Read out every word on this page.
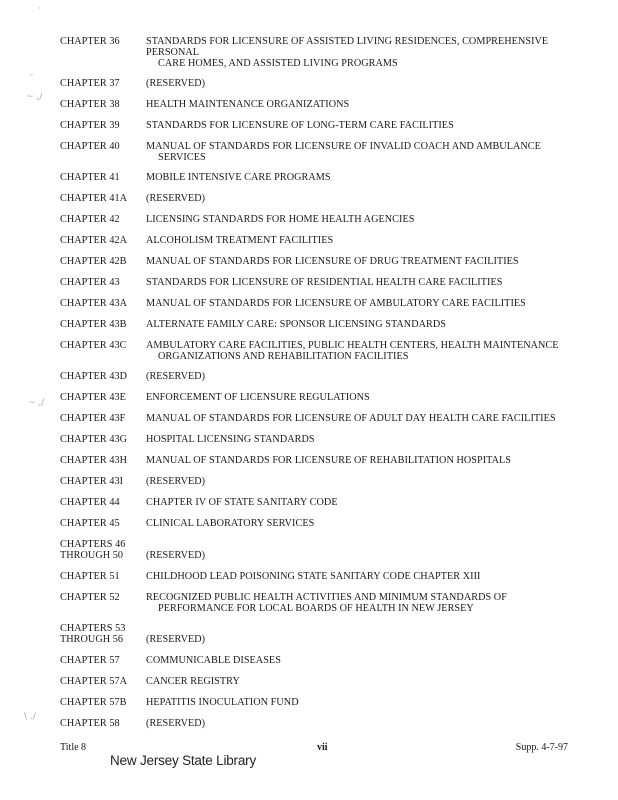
·
-
~ ‚/
~ ‚/
\ ./
CHAPTER 36	STANDARDS FOR LICENSURE OF ASSISTED LIVING RESIDENCES, COMPREHENSIVE PERSONAL
CARE HOMES, AND ASSISTED LIVING PROGRAMS
CHAPTER 37	(RESERVED)
CHAPTER 38	HEALTH MAINTENANCE ORGANIZATIONS
CHAPTER 39	STANDARDS FOR LICENSURE OF LONG-TERM CARE FACILITIES
CHAPTER 40	MANUAL OF STANDARDS FOR LICENSURE OF INVALID COACH AND AMBULANCE
SERVICES
CHAPTER 41	MOBILE INTENSIVE CARE PROGRAMS
CHAPTER 41A	(RESERVED)
CHAPTER 42	LICENSING STANDARDS FOR HOME HEALTH AGENCIES
CHAPTER 42A	ALCOHOLISM TREATMENT FACILITIES
CHAPTER 42B	MANUAL OF STANDARDS FOR LICENSURE OF DRUG TREATMENT FACILITIES
CHAPTER 43	STANDARDS FOR LICENSURE OF RESIDENTIAL HEALTH CARE FACILITIES
CHAPTER 43A	MANUAL OF STANDARDS FOR LICENSURE OF AMBULATORY CARE FACILITIES
CHAPTER 43B	ALTERNATE FAMILY CARE: SPONSOR LICENSING STANDARDS
CHAPTER 43C	AMBULATORY CARE FACILITIES, PUBLIC HEALTH CENTERS, HEALTH MAINTENANCE
ORGANIZATIONS AND REHABILITATION FACILITIES
CHAPTER 43D	(RESERVED)
CHAPTER 43E	ENFORCEMENT OF LICENSURE REGULATIONS
CHAPTER 43F	MANUAL OF STANDARDS FOR LICENSURE OF ADULT DAY HEALTH CARE FACILITIES
CHAPTER 43G	HOSPITAL LICENSING STANDARDS
CHAPTER 43H	MANUAL OF STANDARDS FOR LICENSURE OF REHABILITATION HOSPITALS
CHAPTER 43I	(RESERVED)
CHAPTER 44	CHAPTER IV OF STATE SANITARY CODE
CHAPTER 45	CLINICAL LABORATORY SERVICES
CHAPTERS 46
THROUGH 50	(RESERVED)
CHAPTER 51	CHILDHOOD LEAD POISONING STATE SANITARY CODE CHAPTER XIII
CHAPTER 52	RECOGNIZED PUBLIC HEALTH ACTIVITIES AND MINIMUM STANDARDS OF
PERFORMANCE FOR LOCAL BOARDS OF HEALTH IN NEW JERSEY
CHAPTERS 53
THROUGH 56	(RESERVED)
CHAPTER 57	COMMUNICABLE DISEASES
CHAPTER 57A	CANCER REGISTRY
CHAPTER 57B	HEPATITIS INOCULATION FUND
CHAPTER 58	(RESERVED)
Title 8	vii	Supp. 4-7-97
New Jersey State Library
